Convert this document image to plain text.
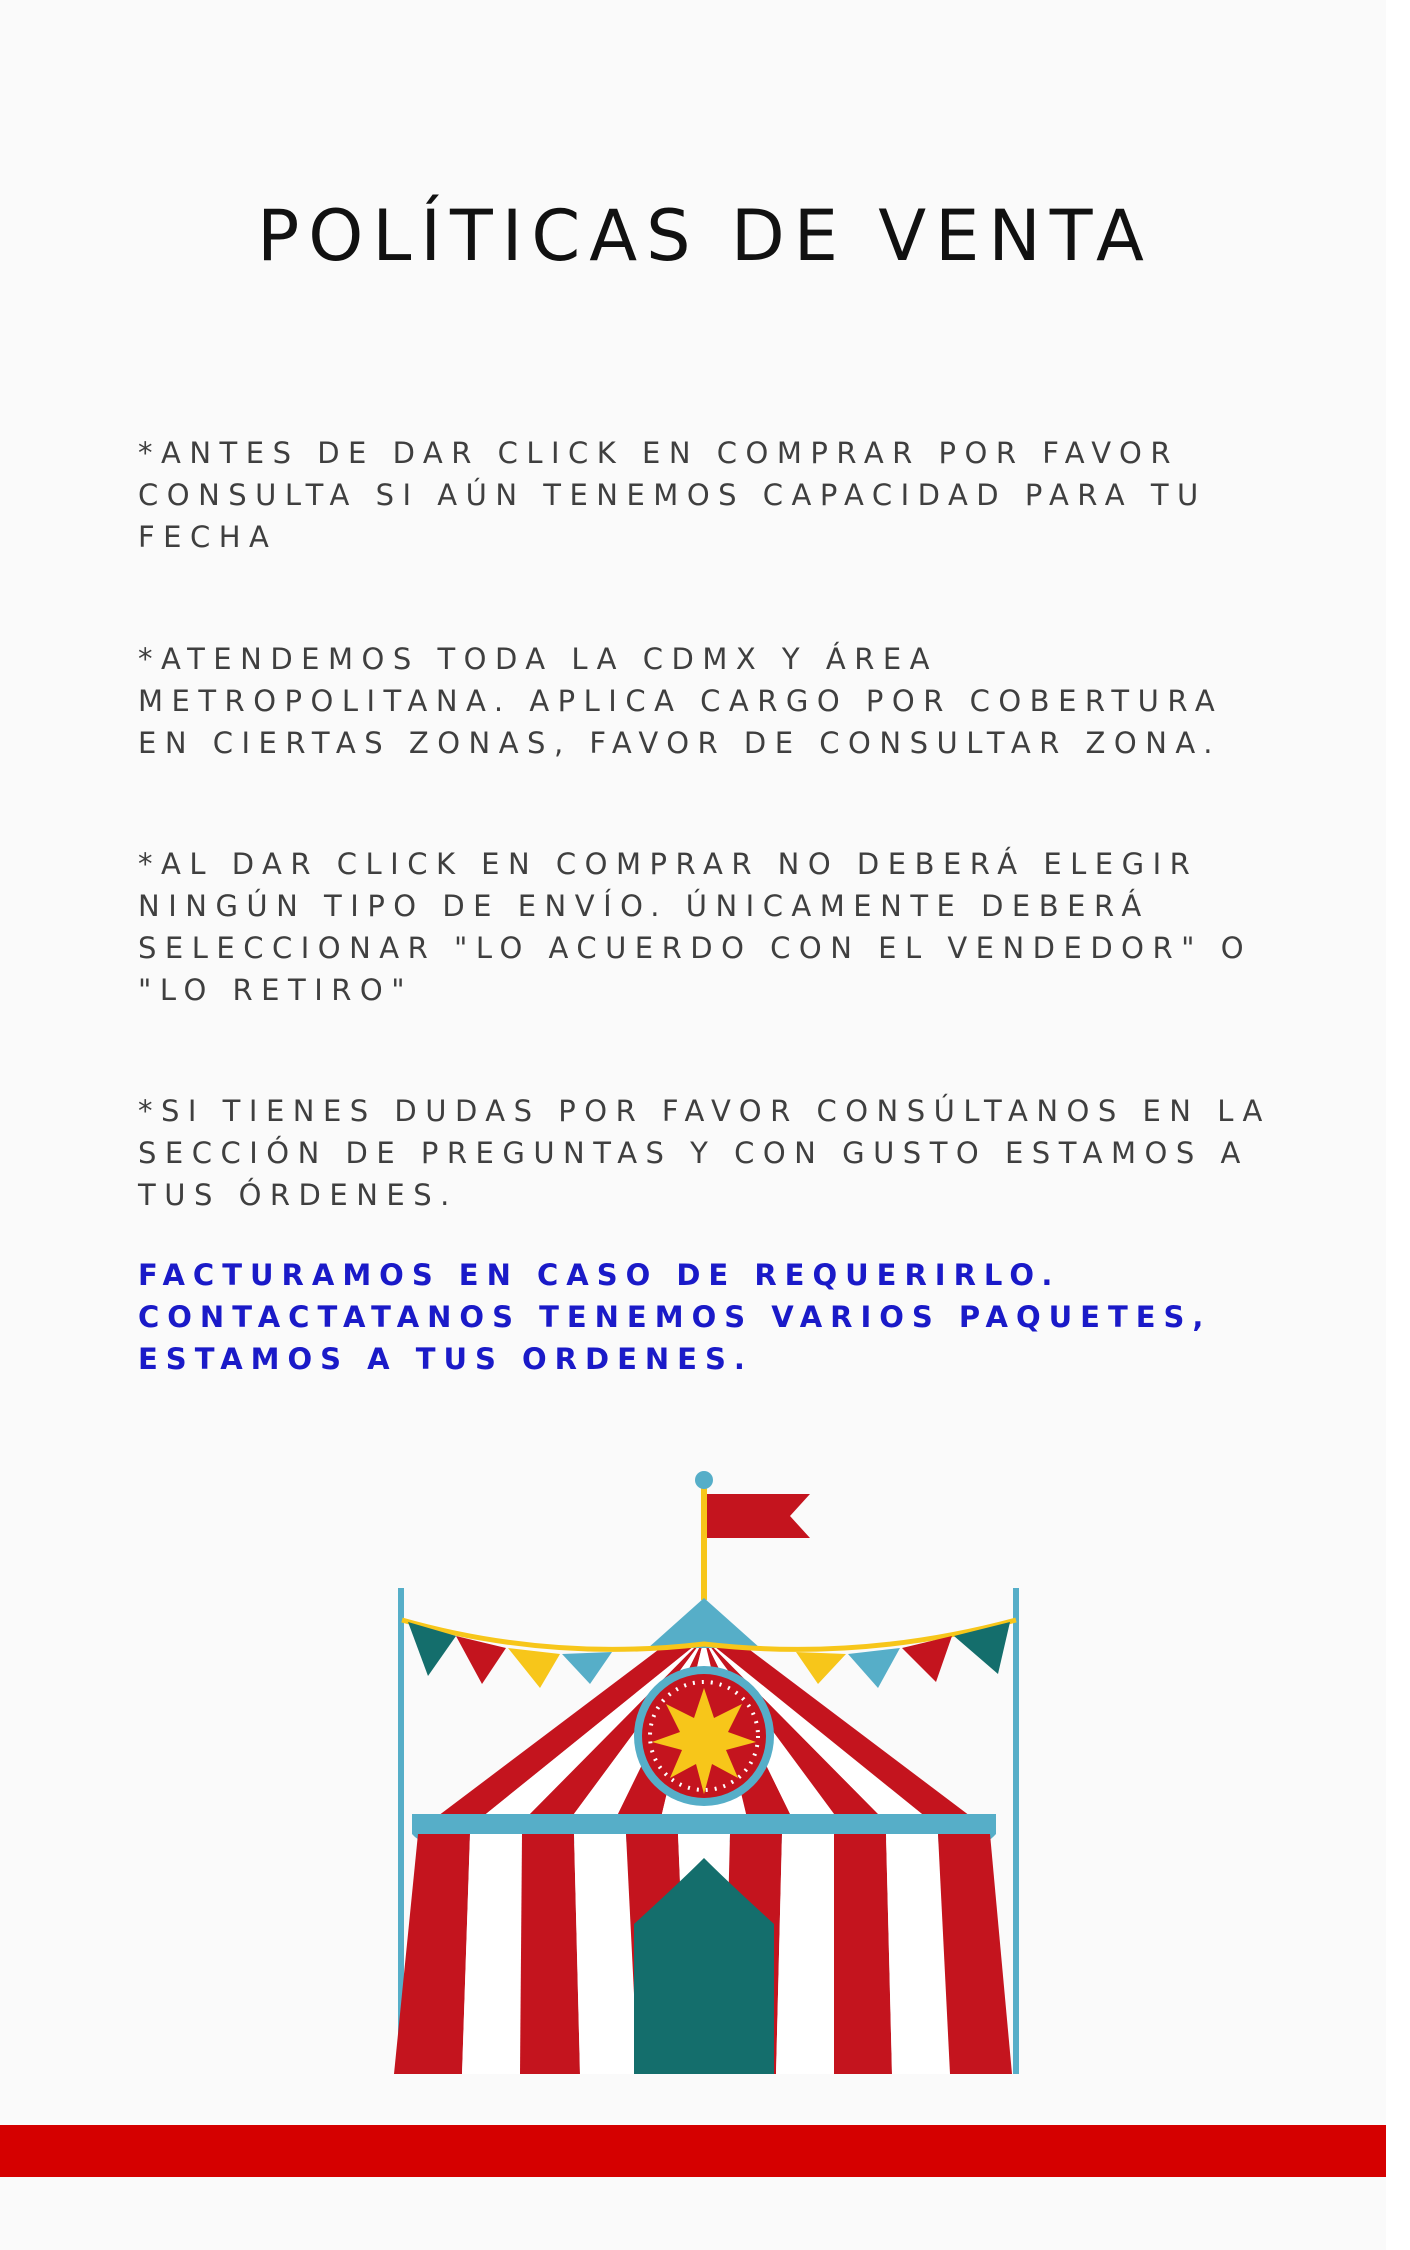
POLÍTICAS DE VENTA

*ANTES DE DAR CLICK EN COMPRAR POR FAVOR
CONSULTA SI AÚN TENEMOS CAPACIDAD PARA TU
FECHA

*ATENDEMOS TODA LA CDMX Y ÁREA
METROPOLITANA. APLICA CARGO POR COBERTURA
EN CIERTAS ZONAS, FAVOR DE CONSULTAR ZONA.

*AL DAR CLICK EN COMPRAR NO DEBERÁ ELEGIR
NINGÚN TIPO DE ENVÍO. ÚNICAMENTE DEBERÁ
SELECCIONAR "LO ACUERDO CON EL VENDEDOR" O
"LO RETIRO"

*SI TIENES DUDAS POR FAVOR CONSÚLTANOS EN LA
SECCIÓN DE PREGUNTAS Y CON GUSTO ESTAMOS A
TUS ÓRDENES.

FACTURAMOS EN CASO DE REQUERIRLO.
CONTACTATANOS TENEMOS VARIOS PAQUETES,
ESTAMOS A TUS ORDENES.
